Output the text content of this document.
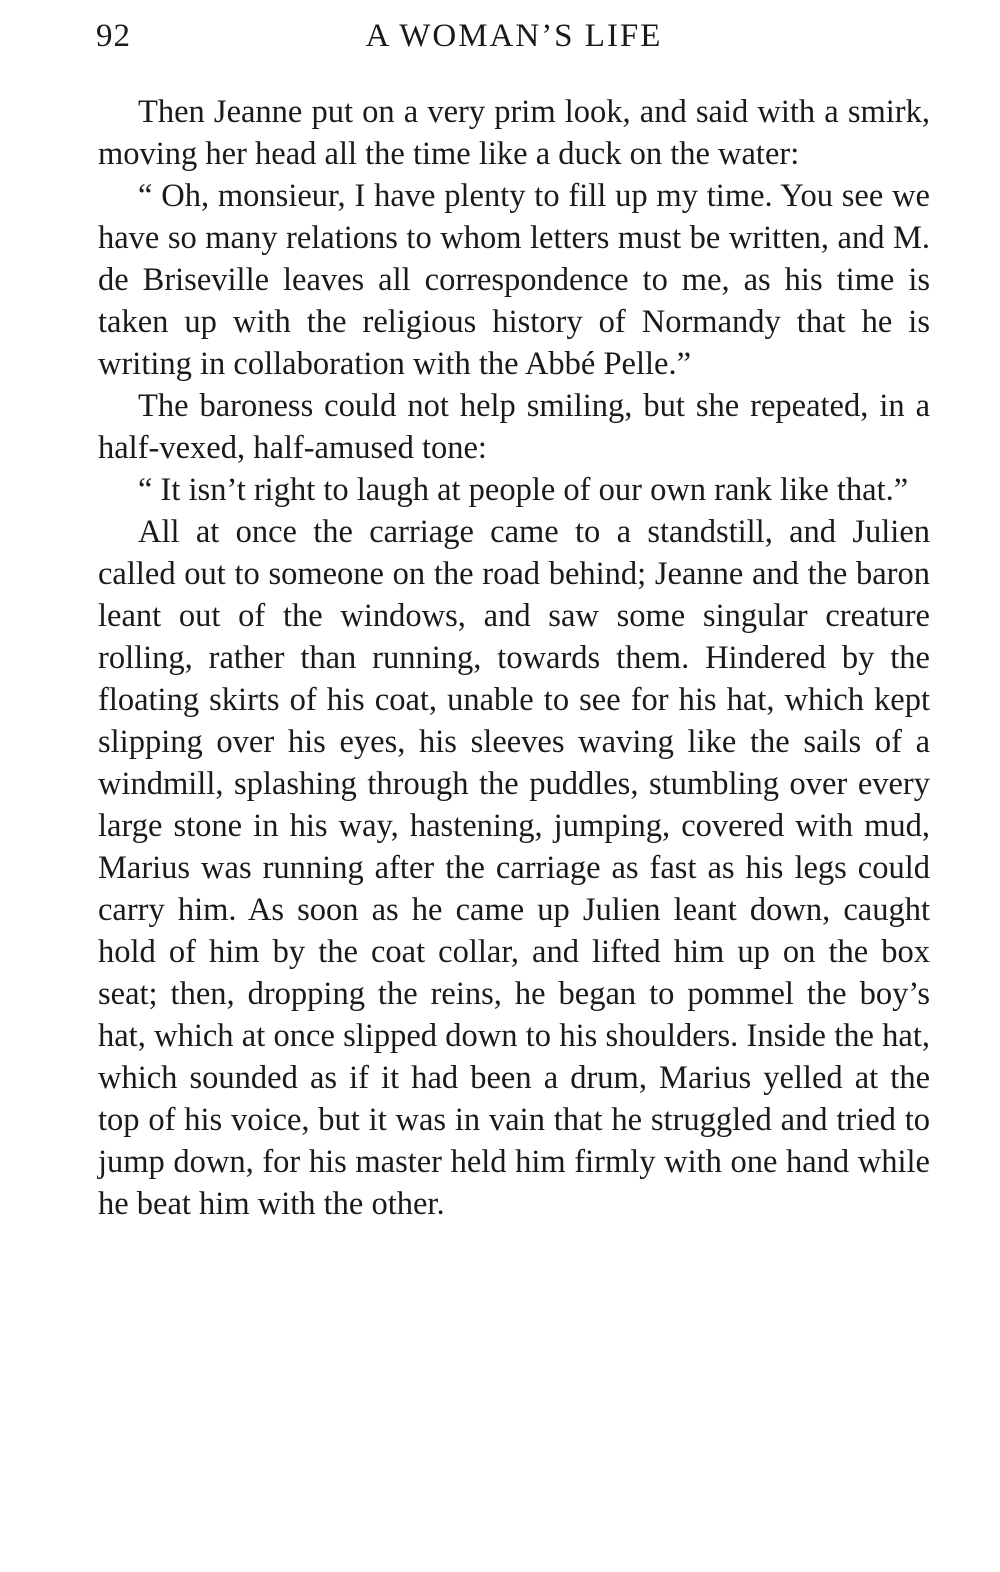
92	A WOMAN’S LIFE

Then Jeanne put on a very prim look, and said with a smirk, moving her head all the time like a duck on the water:

“ Oh, monsieur, I have plenty to fill up my time. You see we have so many relations to whom letters must be written, and M. de Briseville leaves all correspondence to me, as his time is taken up with the religious history of Normandy that he is writing in collaboration with the Abbé Pelle.”

The baroness could not help smiling, but she repeated, in a half-vexed, half-amused tone:

“ It isn’t right to laugh at people of our own rank like that.”

All at once the carriage came to a standstill, and Julien called out to someone on the road behind; Jeanne and the baron leant out of the windows, and saw some singular creature rolling, rather than running, towards them. Hindered by the floating skirts of his coat, unable to see for his hat, which kept slipping over his eyes, his sleeves waving like the sails of a windmill, splashing through the puddles, stumbling over every large stone in his way, hastening, jumping, covered with mud, Marius was running after the carriage as fast as his legs could carry him. As soon as he came up Julien leant down, caught hold of him by the coat collar, and lifted him up on the box seat; then, dropping the reins, he began to pommel the boy’s hat, which at once slipped down to his shoulders. Inside the hat, which sounded as if it had been a drum, Marius yelled at the top of his voice, but it was in vain that he struggled and tried to jump down, for his master held him firmly with one hand while he beat him with the other.
